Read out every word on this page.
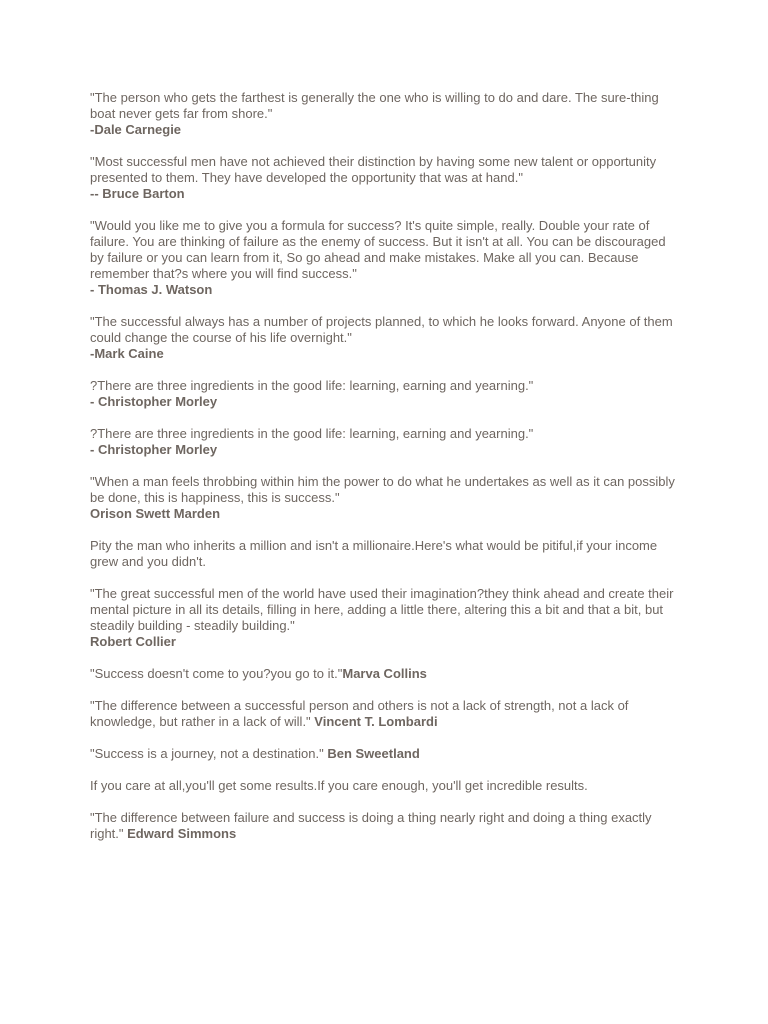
"The person who gets the farthest is generally the one who is willing to do and dare. The sure-thing boat never gets far from shore."
-Dale Carnegie
"Most successful men have not achieved their distinction by having some new talent or opportunity presented to them. They have developed the opportunity that was at hand."
-- Bruce Barton
"Would you like me to give you a formula for success? It's quite simple, really. Double your rate of failure. You are thinking of failure as the enemy of success. But it isn't at all. You can be discouraged by failure or you can learn from it, So go ahead and make mistakes. Make all you can. Because remember that?s where you will find success."
- Thomas J. Watson
"The successful always has a number of projects planned, to which he looks forward. Anyone of them could change the course of his life overnight."
-Mark Caine
?There are three ingredients in the good life: learning, earning and yearning."
- Christopher Morley
?There are three ingredients in the good life: learning, earning and yearning."
- Christopher Morley
"When a man feels throbbing within him the power to do what he undertakes as well as it can possibly be done, this is happiness, this is success."
Orison Swett Marden
Pity the man who inherits a million and isn't a millionaire.Here's what would be pitiful,if your income grew and you didn't.
"The great successful men of the world have used their imagination?they think ahead and create their mental picture in all its details, filling in here, adding a little there, altering this a bit and that a bit, but steadily building - steadily building."
Robert Collier
"Success doesn't come to you?you go to it."Marva Collins
"The difference between a successful person and others is not a lack of strength, not a lack of knowledge, but rather in a lack of will." Vincent T. Lombardi
"Success is a journey, not a destination." Ben Sweetland
If you care at all,you'll get some results.If you care enough, you'll get incredible results.
"The difference between failure and success is doing a thing nearly right and doing a thing exactly right." Edward Simmons
